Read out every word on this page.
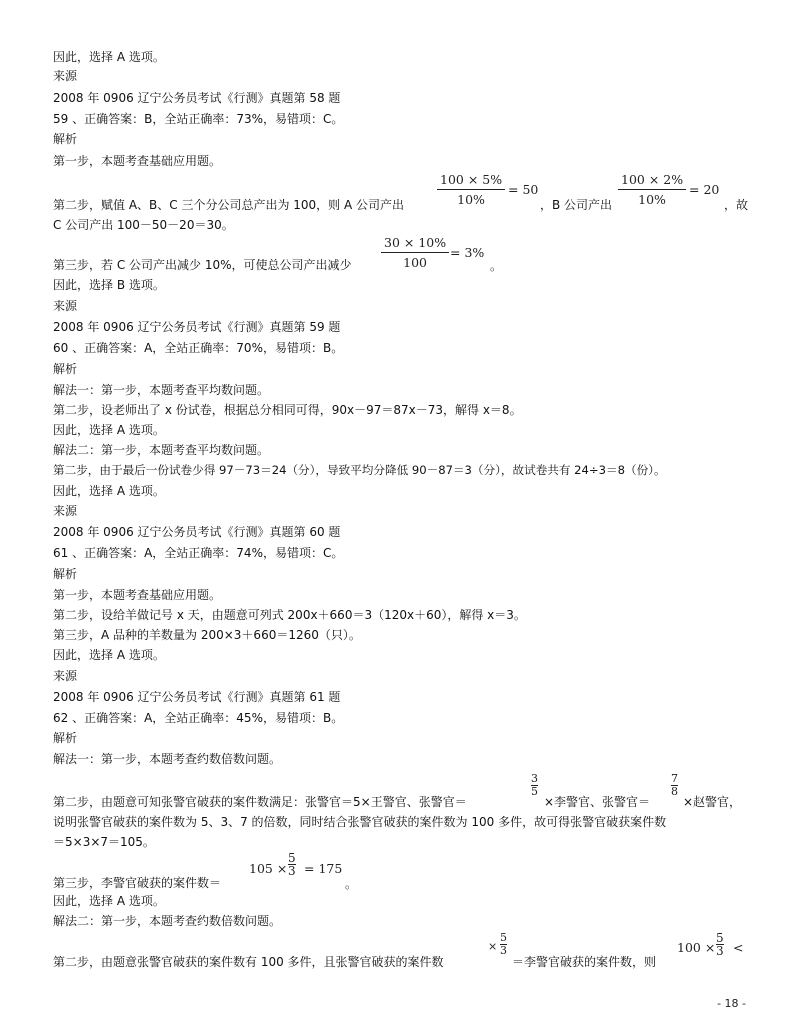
因此，选择 A 选项。
来源
2008 年 0906 辽宁公务员考试《行测》真题第 58 题
59 、正确答案：B，全站正确率：73%，易错项：C。
解析
第一步，本题考查基础应用题。
第二步，赋值 A、B、C 三个分公司总产出为 100，则 A 公司产出	$\frac{100 \times 5\%}{10\%} = 50$
，B 公司产出 $\frac{100 \times 2\%}{10\%} = 20$
，故
C 公司产出 100－50－20＝30。
第三步，若 C 公司产出减少 10%，可使总公司产出减少 $\frac{30 \times 10\%}{100} = 3\%$
。
因此，选择 B 选项。
来源
2008 年 0906 辽宁公务员考试《行测》真题第 59 题
60 、正确答案：A，全站正确率：70%，易错项：B。
解析
解法一：第一步，本题考查平均数问题。
第二步，设老师出了 x 份试卷，根据总分相同可得，90x－97＝87x－73，解得 x＝8。
因此，选择 A 选项。
解法二：第一步，本题考查平均数问题。
第二步，由于最后一份试卷少得 97－73＝24（分），导致平均分降低 90－87＝3（分），故试卷共有 24÷3＝8（份）。
因此，选择 A 选项。
来源
2008 年 0906 辽宁公务员考试《行测》真题第 60 题
61 、正确答案：A，全站正确率：74%，易错项：C。
解析
第一步，本题考查基础应用题。
第二步，设给羊做记号 x 天，由题意可列式 200x＋660＝3（120x＋60），解得 x＝3。
第三步，A 品种的羊数量为 200×3＋660＝1260（只）。
因此，选择 A 选项。
来源
2008 年 0906 辽宁公务员考试《行测》真题第 61 题
62 、正确答案：A，全站正确率：45%，易错项：B。
解析
解法一：第一步，本题考查约数倍数问题。
第二步，由题意可知张警官破获的案件数满足：张警官＝5×王警官、张警官＝
$\frac{3}{5}$
×李警官、张警官＝
$\frac{7}{8}$
×赵警官，
说明张警官破获的案件数为 5、3、7 的倍数，同时结合张警官破获的案件数为 100 多件，故可得张警官破获案件数
＝5×3×7＝105。
第三步，李警官破获的案件数＝
$105 \times \frac{5}{3} = 175$
。
因此，选择 A 选项。
解法二：第一步，本题考查约数倍数问题。
第二步，由题意张警官破获的案件数有 100 多件，且张警官破获的案件数
× $\frac{5}{3}$
＝李警官破获的案件数，则
$100 \times \frac{5}{3}$ <
- 18 -
